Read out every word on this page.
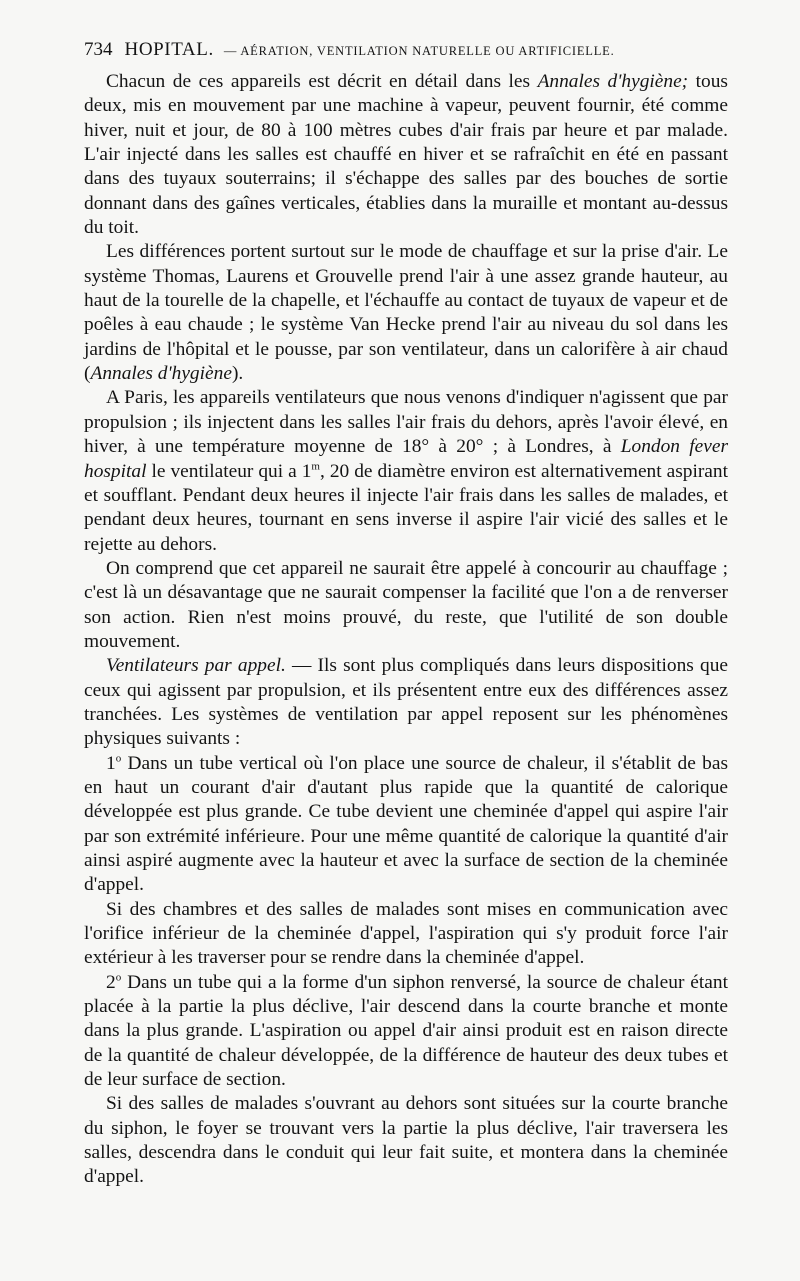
734 HOPITAL. — AÉRATION, VENTILATION NATURELLE OU ARTIFICIELLE.

Chacun de ces appareils est décrit en détail dans les Annales d'hygiène; tous deux, mis en mouvement par une machine à vapeur, peuvent fournir, été comme hiver, nuit et jour, de 80 à 100 mètres cubes d'air frais par heure et par malade. L'air injecté dans les salles est chauffé en hiver et se rafraîchit en été en passant dans des tuyaux souterrains; il s'échappe des salles par des bouches de sortie donnant dans des gaînes verticales, établies dans la muraille et montant au-dessus du toit.

Les différences portent surtout sur le mode de chauffage et sur la prise d'air. Le système Thomas, Laurens et Grouvelle prend l'air à une assez grande hauteur, au haut de la tourelle de la chapelle, et l'échauffe au contact de tuyaux de vapeur et de poêles à eau chaude ; le système Van Hecke prend l'air au niveau du sol dans les jardins de l'hôpital et le pousse, par son ventilateur, dans un calorifère à air chaud (Annales d'hygiène).

A Paris, les appareils ventilateurs que nous venons d'indiquer n'agissent que par propulsion ; ils injectent dans les salles l'air frais du dehors, après l'avoir élevé, en hiver, à une température moyenne de 18° à 20° ; à Londres, à London fever hospital le ventilateur qui a 1$^m$, 20 de diamètre environ est alternativement aspirant et soufflant. Pendant deux heures il injecte l'air frais dans les salles de malades, et pendant deux heures, tournant en sens inverse il aspire l'air vicié des salles et le rejette au dehors.

On comprend que cet appareil ne saurait être appelé à concourir au chauffage ; c'est là un désavantage que ne saurait compenser la facilité que l'on a de renverser son action. Rien n'est moins prouvé, du reste, que l'utilité de son double mouvement.

Ventilateurs par appel. — Ils sont plus compliqués dans leurs dispositions que ceux qui agissent par propulsion, et ils présentent entre eux des différences assez tranchées. Les systèmes de ventilation par appel reposent sur les phénomènes physiques suivants :

1$^o$ Dans un tube vertical où l'on place une source de chaleur, il s'établit de bas en haut un courant d'air d'autant plus rapide que la quantité de calorique développée est plus grande. Ce tube devient une cheminée d'appel qui aspire l'air par son extrémité inférieure. Pour une même quantité de calorique la quantité d'air ainsi aspiré augmente avec la hauteur et avec la surface de section de la cheminée d'appel.

Si des chambres et des salles de malades sont mises en communication avec l'orifice inférieur de la cheminée d'appel, l'aspiration qui s'y produit force l'air extérieur à les traverser pour se rendre dans la cheminée d'appel.

2$^o$ Dans un tube qui a la forme d'un siphon renversé, la source de chaleur étant placée à la partie la plus déclive, l'air descend dans la courte branche et monte dans la plus grande. L'aspiration ou appel d'air ainsi produit est en raison directe de la quantité de chaleur développée, de la différence de hauteur des deux tubes et de leur surface de section.

Si des salles de malades s'ouvrant au dehors sont situées sur la courte branche du siphon, le foyer se trouvant vers la partie la plus déclive, l'air traversera les salles, descendra dans le conduit qui leur fait suite, et montera dans la cheminée d'appel.
